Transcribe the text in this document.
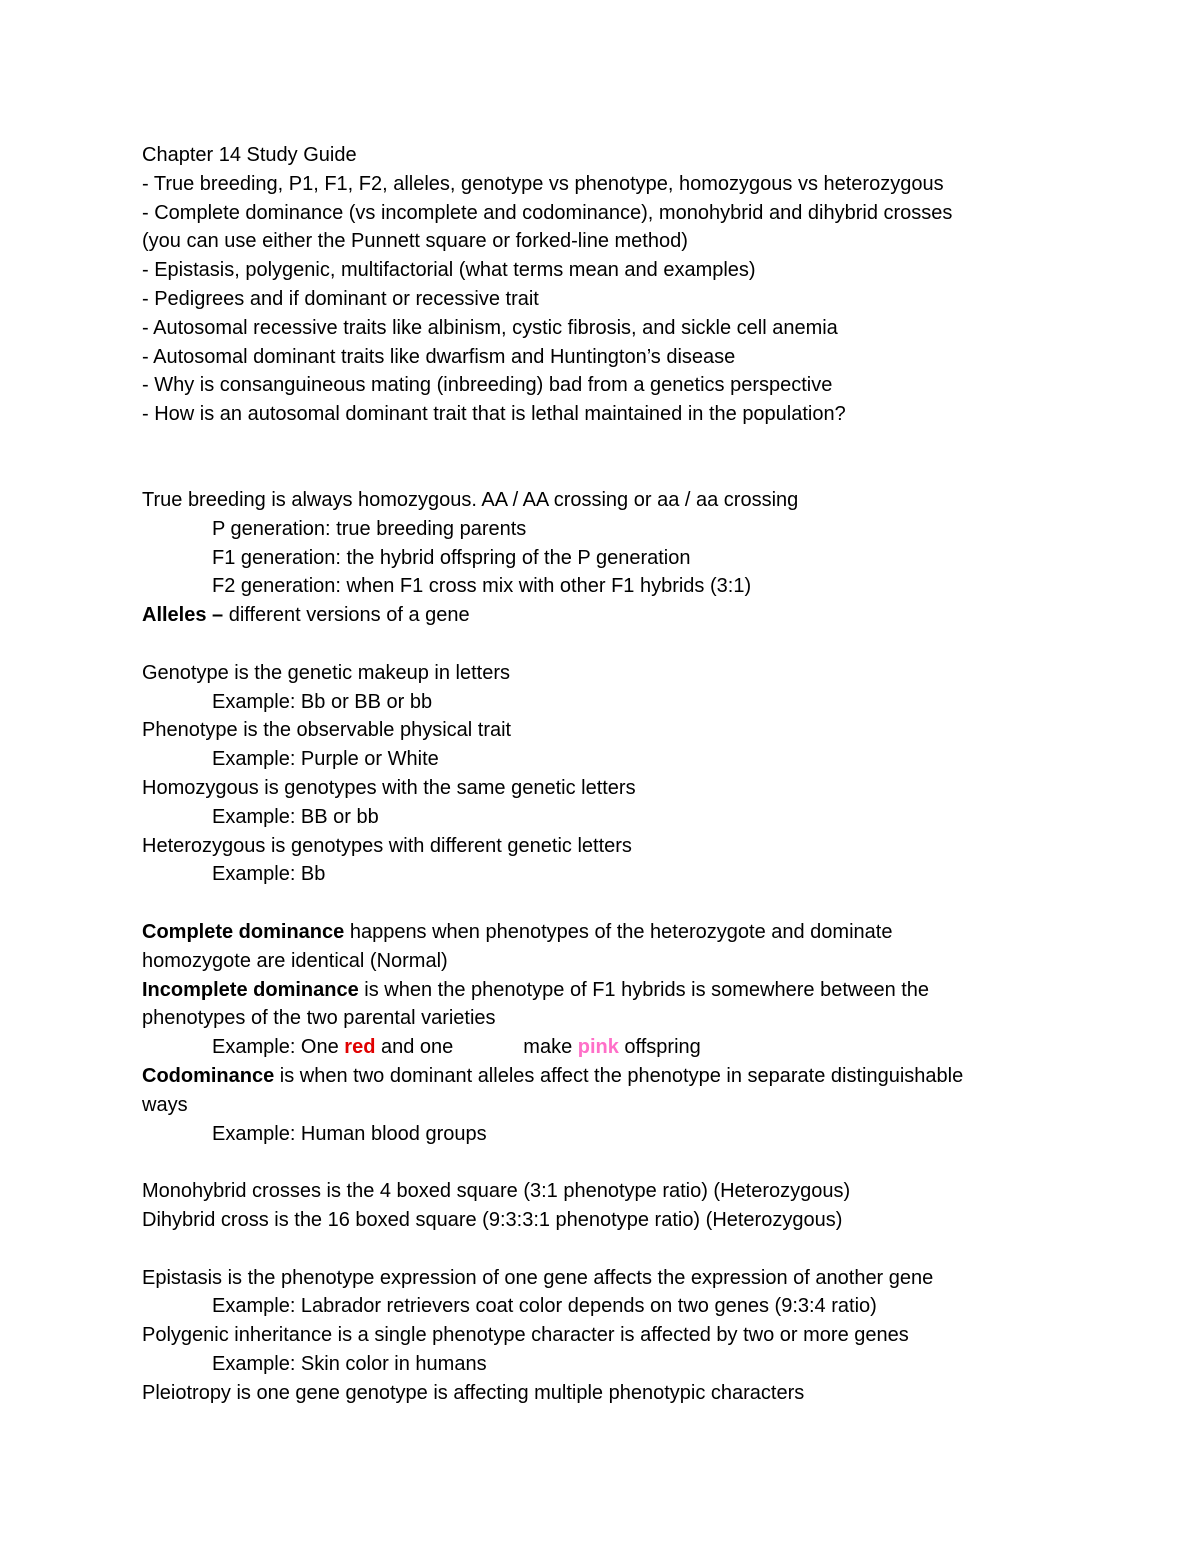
Chapter 14 Study Guide
- True breeding, P1, F1, F2, alleles, genotype vs phenotype, homozygous vs heterozygous
- Complete dominance (vs incomplete and codominance), monohybrid and dihybrid crosses
(you can use either the Punnett square or forked-line method)
- Epistasis, polygenic, multifactorial (what terms mean and examples)
- Pedigrees and if dominant or recessive trait
- Autosomal recessive traits like albinism, cystic fibrosis, and sickle cell anemia
- Autosomal dominant traits like dwarfism and Huntington’s disease
- Why is consanguineous mating (inbreeding) bad from a genetics perspective
- How is an autosomal dominant trait that is lethal maintained in the population?
True breeding is always homozygous. AA / AA crossing or aa / aa crossing
P generation: true breeding parents
F1 generation: the hybrid offspring of the P generation
F2 generation: when F1 cross mix with other F1 hybrids (3:1)
Alleles – different versions of a gene
Genotype is the genetic makeup in letters
Example: Bb or BB or bb
Phenotype is the observable physical trait
Example: Purple or White
Homozygous is genotypes with the same genetic letters
Example: BB or bb
Heterozygous is genotypes with different genetic letters
Example: Bb
Complete dominance happens when phenotypes of the heterozygote and dominate
homozygote are identical (Normal)
Incomplete dominance is when the phenotype of F1 hybrids is somewhere between the
phenotypes of the two parental varieties
Example: One red and one	make pink offspring
Codominance is when two dominant alleles affect the phenotype in separate distinguishable
ways
Example: Human blood groups
Monohybrid crosses is the 4 boxed square (3:1 phenotype ratio) (Heterozygous)
Dihybrid cross is the 16 boxed square (9:3:3:1 phenotype ratio) (Heterozygous)
Epistasis is the phenotype expression of one gene affects the expression of another gene
Example: Labrador retrievers coat color depends on two genes (9:3:4 ratio)
Polygenic inheritance is a single phenotype character is affected by two or more genes
Example: Skin color in humans
Pleiotropy is one gene genotype is affecting multiple phenotypic characters
